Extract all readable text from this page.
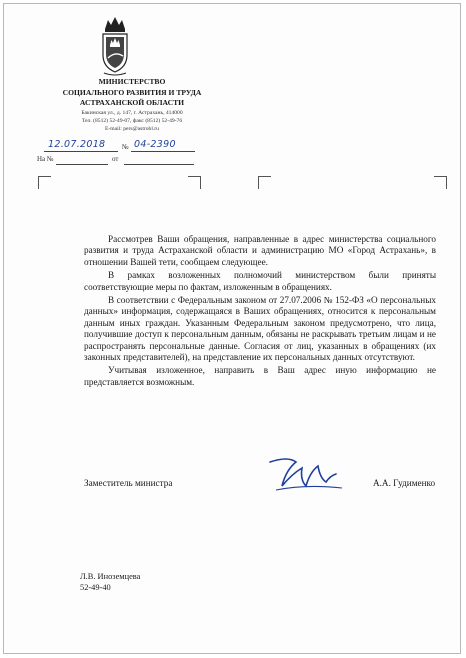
МИНИСТЕРСТВО
СОЦИАЛЬНОГО РАЗВИТИЯ И ТРУДА
АСТРАХАНСКОЙ ОБЛАСТИ
Бакинская ул., д. 147, г. Астрахань, 414000
Тел. (8512) 52-49-07, факс (8512) 52-49-76
E-mail: pers@astrobl.ru
12.07.2018 № 04-2390
На №	от

Рассмотрев Ваши обращения, направленные в адрес министерства социального развития и труда Астраханской области и администрацию МО «Город Астрахань», в отношении Вашей тети, сообщаем следующее.

В рамках возложенных полномочий министерством были приняты соответствующие меры по фактам, изложенным в обращениях.

В соответствии с Федеральным законом от 27.07.2006 № 152-ФЗ «О персональных данных» информация, содержащаяся в Ваших обращениях, относится к персональным данным иных граждан. Указанным Федеральным законом предусмотрено, что лица, получившие доступ к персональным данным, обязаны не раскрывать третьим лицам и не распространять персональные данные. Согласия от лиц, указанных в обращениях (их законных представителей), на представление их персональных данных отсутствуют.

Учитывая изложенное, направить в Ваш адрес иную информацию не представляется возможным.

Заместитель министра	А.А. Гудименко
Л.В. Иноземцева
52-49-40
